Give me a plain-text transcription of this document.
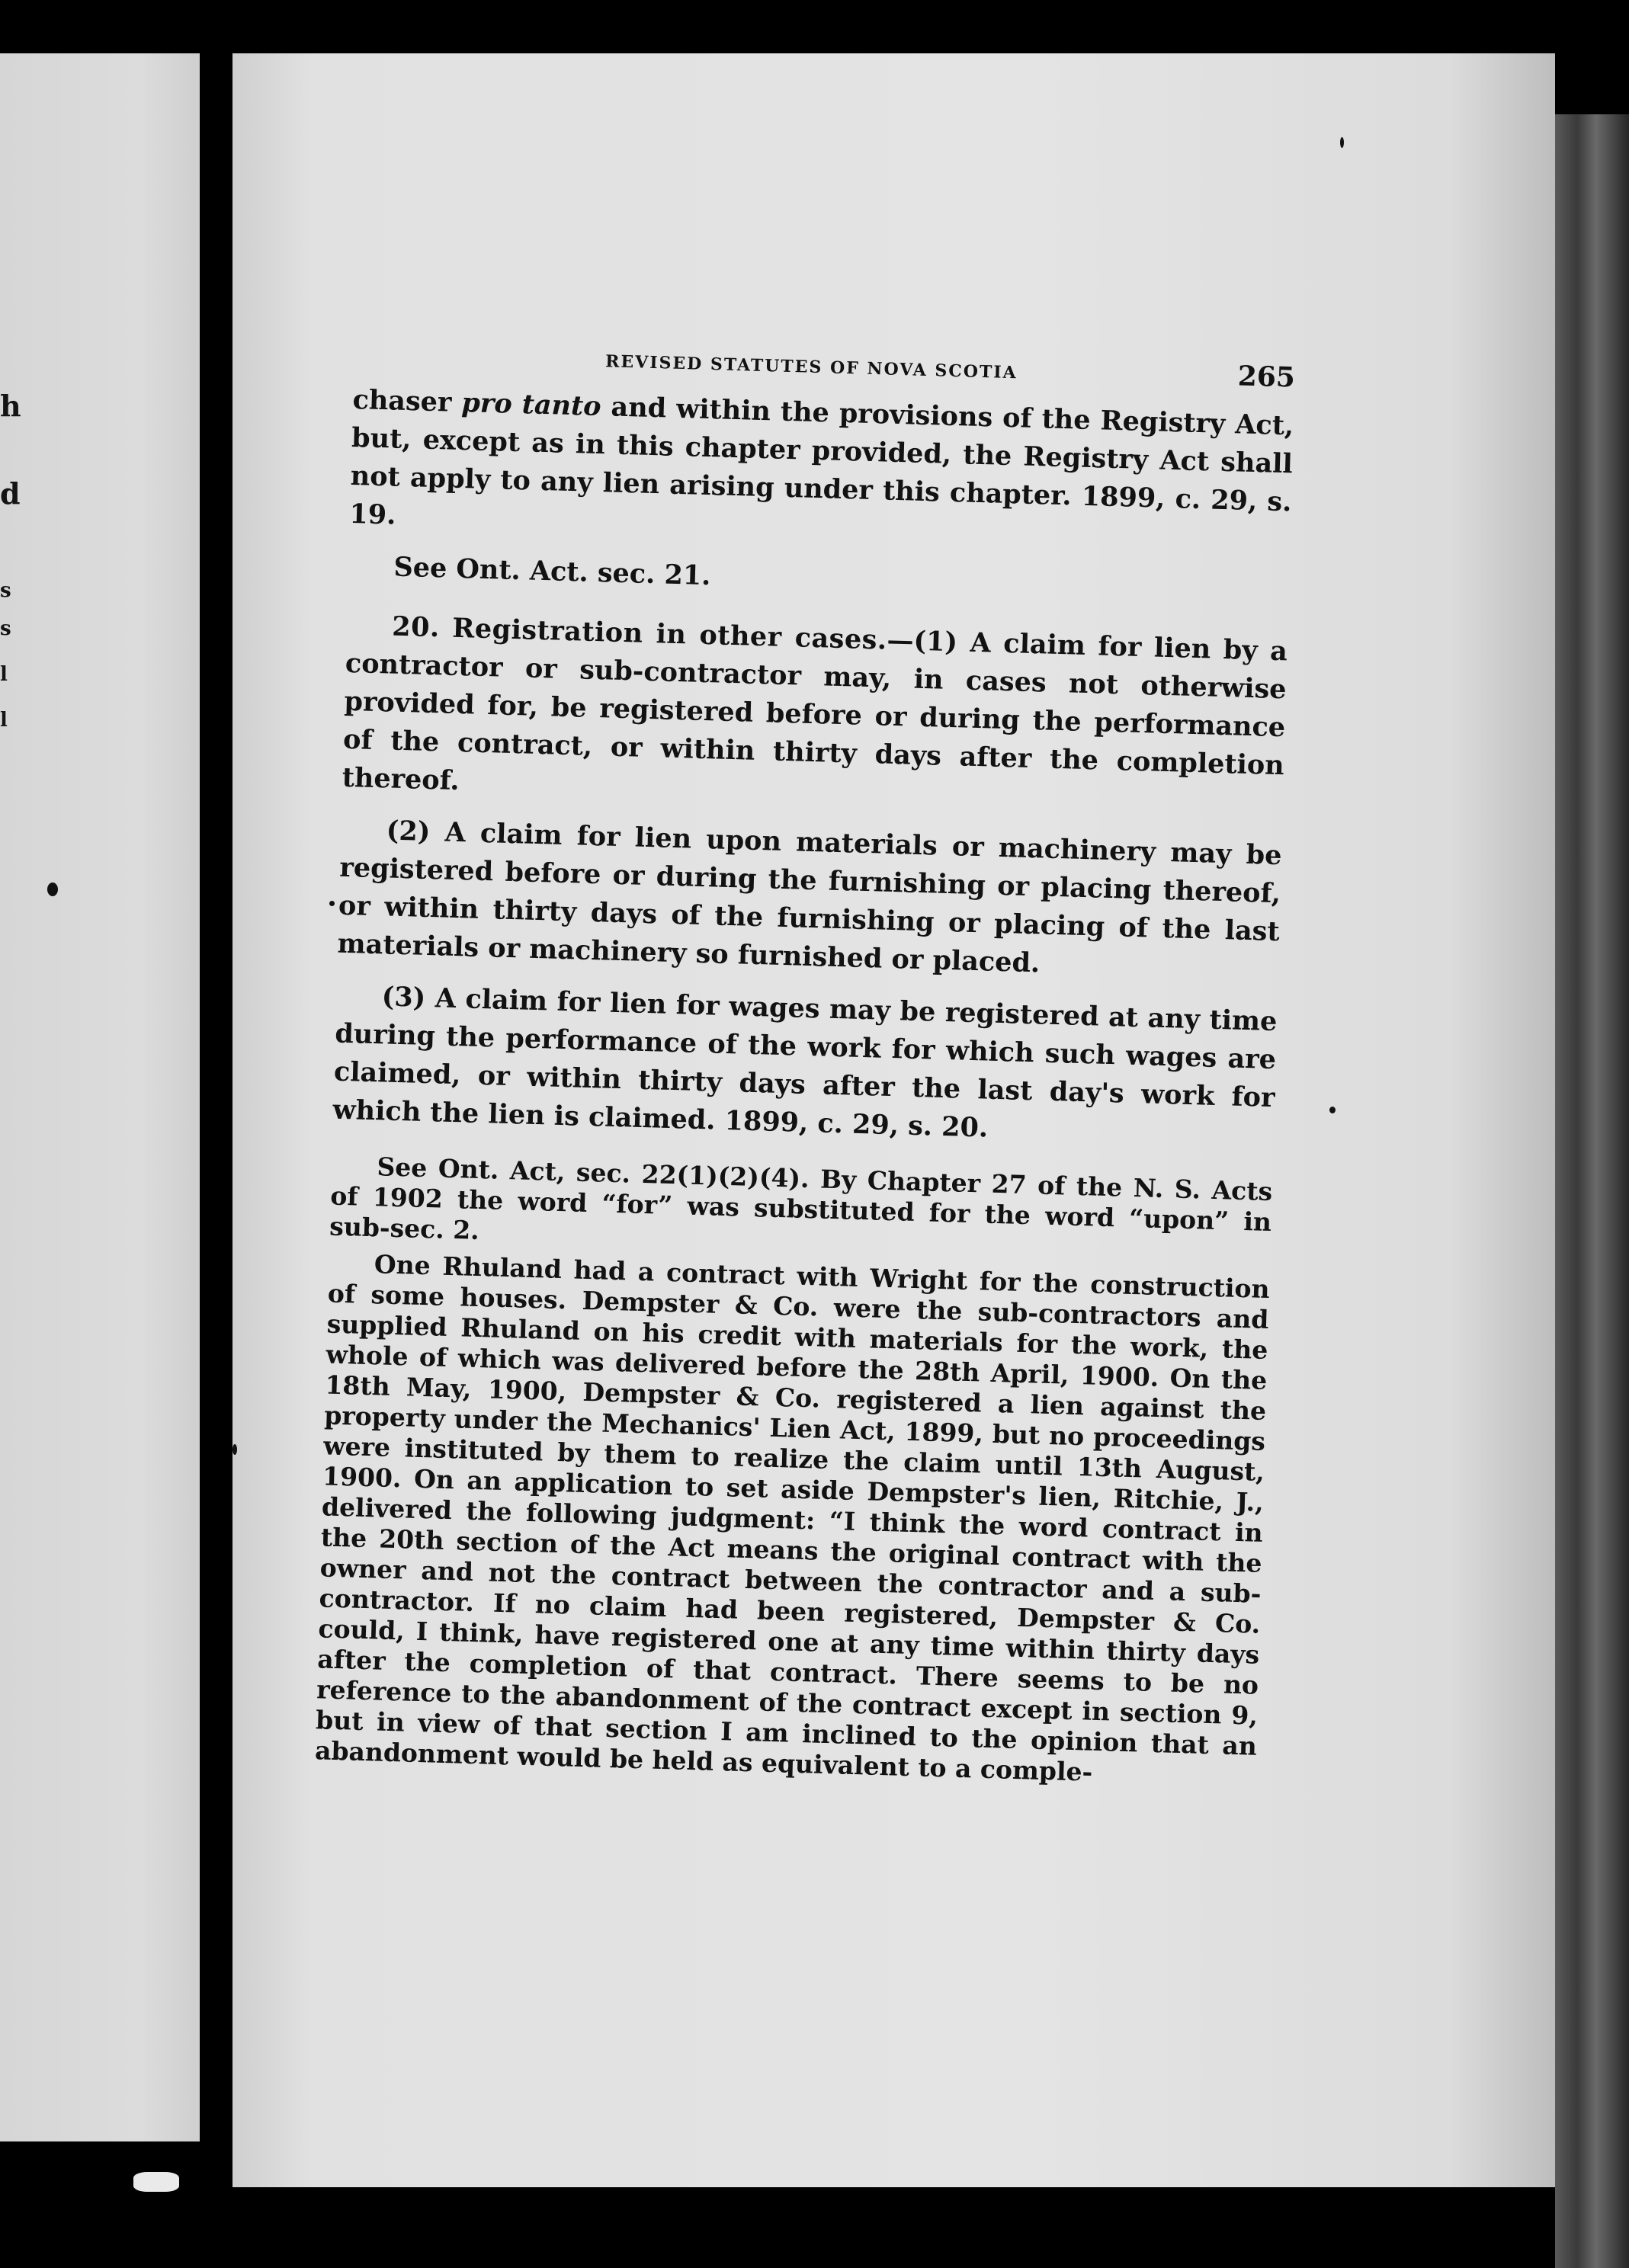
h
d
s
s
l
l
REVISED STATUTES OF NOVA SCOTIA	265

chaser pro tanto and within the provisions of the Registry Act, but, except as in this chapter provided, the Registry Act shall not apply to any lien arising under this chapter. 1899, c. 29, s. 19.

See Ont. Act. sec. 21.

20. Registration in other cases.—(1) A claim for lien by a contractor or sub-contractor may, in cases not otherwise provided for, be registered before or during the performance of the contract, or within thirty days after the completion thereof.

(2) A claim for lien upon materials or machinery may be registered before or during the furnishing or placing thereof, or within thirty days of the furnishing or placing of the last materials or machinery so furnished or placed.

(3) A claim for lien for wages may be registered at any time during the performance of the work for which such wages are claimed, or within thirty days after the last day's work for which the lien is claimed. 1899, c. 29, s. 20.

See Ont. Act, sec. 22(1)(2)(4). By Chapter 27 of the N. S. Acts of 1902 the word “for” was substituted for the word “upon” in sub-sec. 2.

One Rhuland had a contract with Wright for the construction of some houses. Dempster & Co. were the sub-contractors and supplied Rhuland on his credit with materials for the work, the whole of which was delivered before the 28th April, 1900. On the 18th May, 1900, Dempster & Co. registered a lien against the property under the Mechanics' Lien Act, 1899, but no proceedings were instituted by them to realize the claim until 13th August, 1900. On an application to set aside Dempster's lien, Ritchie, J., delivered the following judgment: “I think the word contract in the 20th section of the Act means the original contract with the owner and not the contract between the contractor and a sub-contractor. If no claim had been registered, Dempster & Co. could, I think, have registered one at any time within thirty days after the completion of that contract. There seems to be no reference to the abandonment of the contract except in section 9, but in view of that section I am inclined to the opinion that an abandonment would be held as equivalent to a comple-
